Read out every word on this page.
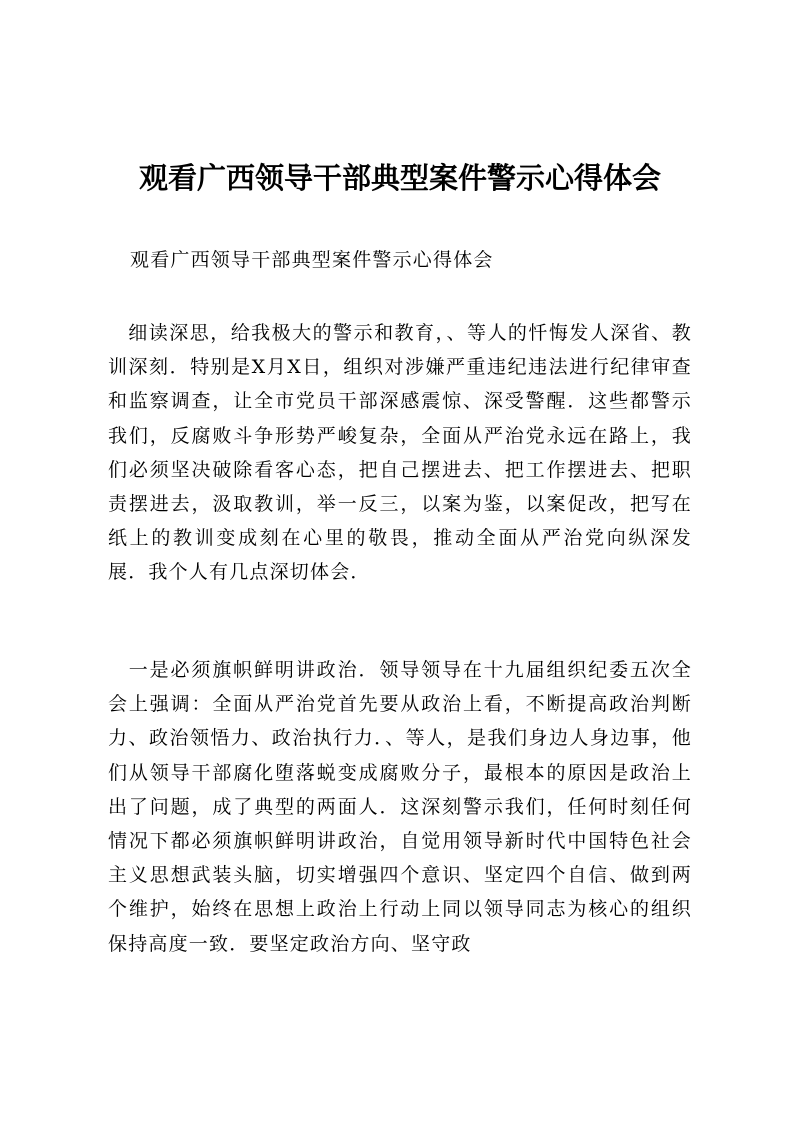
观看广西领导干部典型案件警示心得体会

观看广西领导干部典型案件警示心得体会

细读深思，给我极大的警示和教育，、等人的忏悔发人深省、教训深刻．特别是X月X日，组织对涉嫌严重违纪违法进行纪律审查和监察调查，让全市党员干部深感震惊、深受警醒．这些都警示我们，反腐败斗争形势严峻复杂，全面从严治党永远在路上，我们必须坚决破除看客心态，把自己摆进去、把工作摆进去、把职责摆进去，汲取教训，举一反三，以案为鉴，以案促改，把写在纸上的教训变成刻在心里的敬畏，推动全面从严治党向纵深发展．我个人有几点深切体会．

一是必须旗帜鲜明讲政治．领导领导在十九届组织纪委五次全会上强调：全面从严治党首先要从政治上看，不断提高政治判断力、政治领悟力、政治执行力．、等人，是我们身边人身边事，他们从领导干部腐化堕落蜕变成腐败分子，最根本的原因是政治上出了问题，成了典型的两面人．这深刻警示我们，任何时刻任何情况下都必须旗帜鲜明讲政治，自觉用领导新时代中国特色社会主义思想武装头脑，切实增强四个意识、坚定四个自信、做到两个维护，始终在思想上政治上行动上同以领导同志为核心的组织保持高度一致．要坚定政治方向、坚守政
